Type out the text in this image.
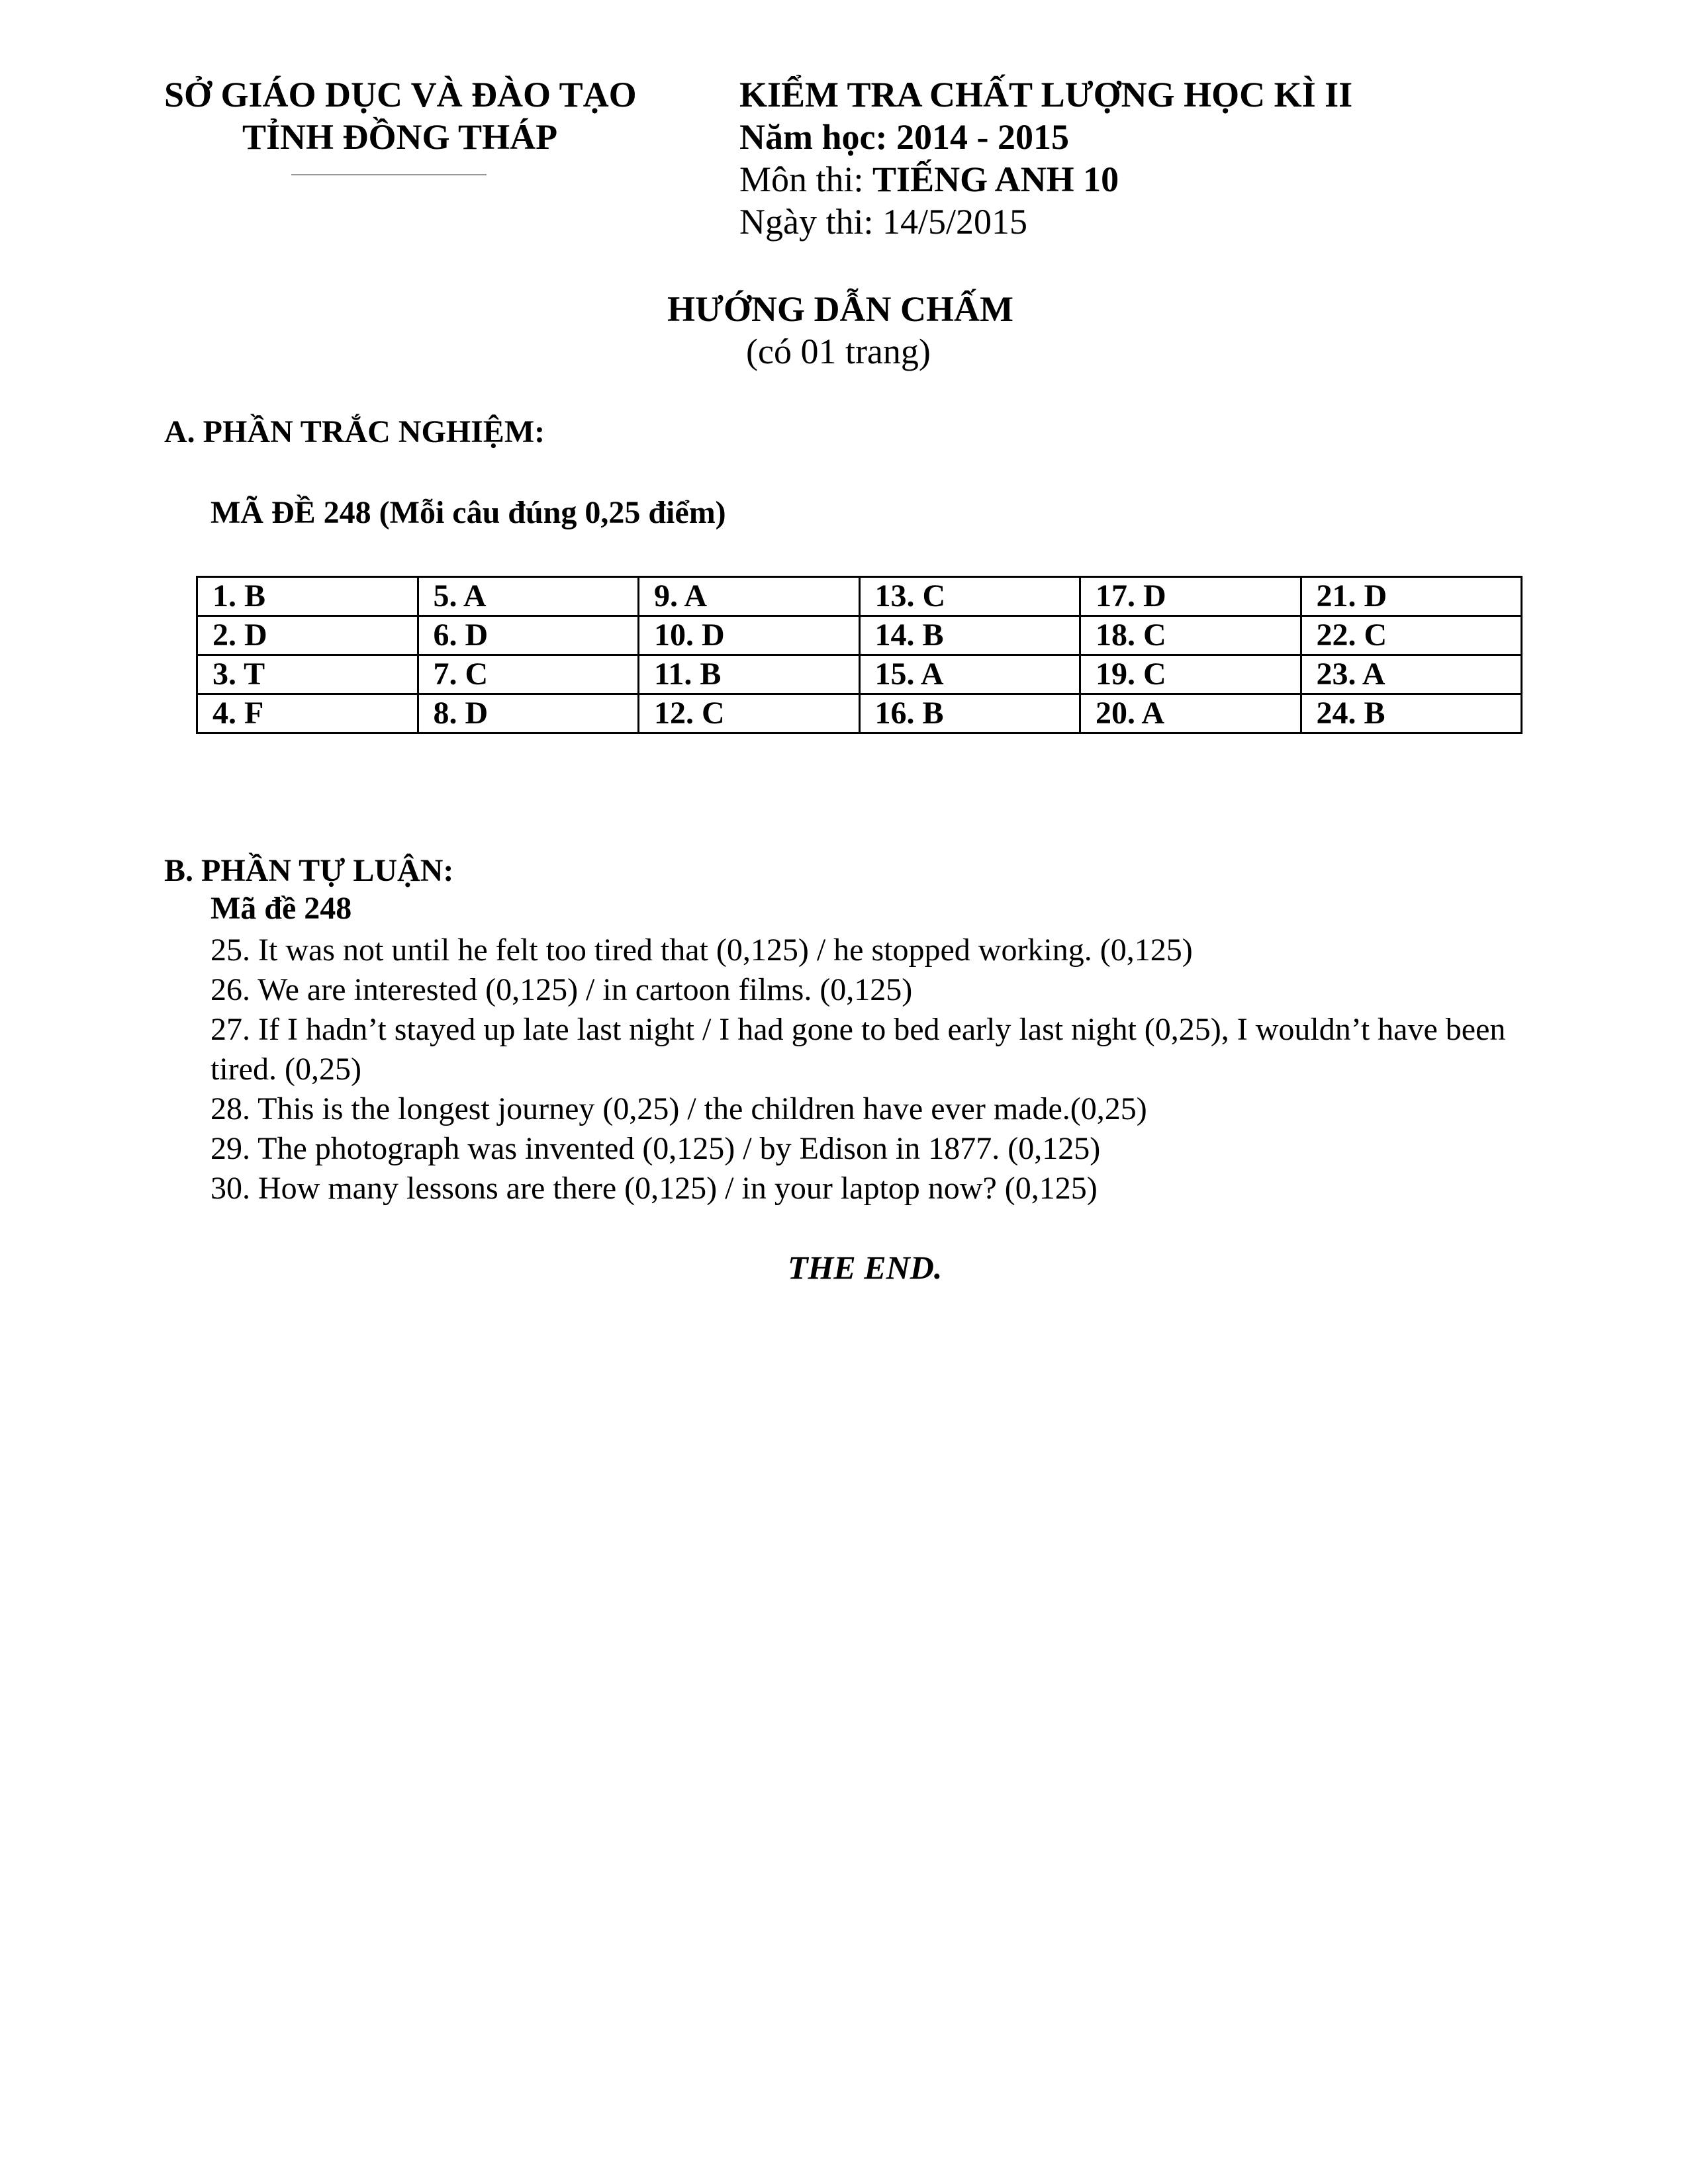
SỞ GIÁO DỤC VÀ ĐÀO TẠO
TỈNH ĐỒNG THÁP
KIỂM TRA CHẤT LƯỢNG HỌC KÌ II
Năm học: 2014 - 2015
Môn thi: TIẾNG ANH 10
Ngày thi: 14/5/2015
HƯỚNG DẪN CHẤM
(có 01 trang)
A. PHẦN TRẮC NGHIỆM:
MÃ ĐỀ 248 (Mỗi câu đúng 0,25 điểm)
1. B	5. A	9. A	13. C	17. D	21. D
2. D	6. D	10. D	14. B	18. C	22. C
3. T	7. C	11. B	15. A	19. C	23. A
4. F	8. D	12. C	16. B	20. A	24. B
B. PHẦN TỰ LUẬN:
Mã đề 248
25. It was not until he felt too tired that (0,125) / he stopped working. (0,125)
26. We are interested (0,125) / in cartoon films. (0,125)
27. If I hadn’t stayed up late last night / I had gone to bed early last night (0,25), I wouldn’t have been tired. (0,25)
28. This is the longest journey (0,25) / the children have ever made.(0,25)
29. The photograph was invented (0,125) / by Edison in 1877. (0,125)
30. How many lessons are there (0,125) / in your laptop now? (0,125)
THE END.
